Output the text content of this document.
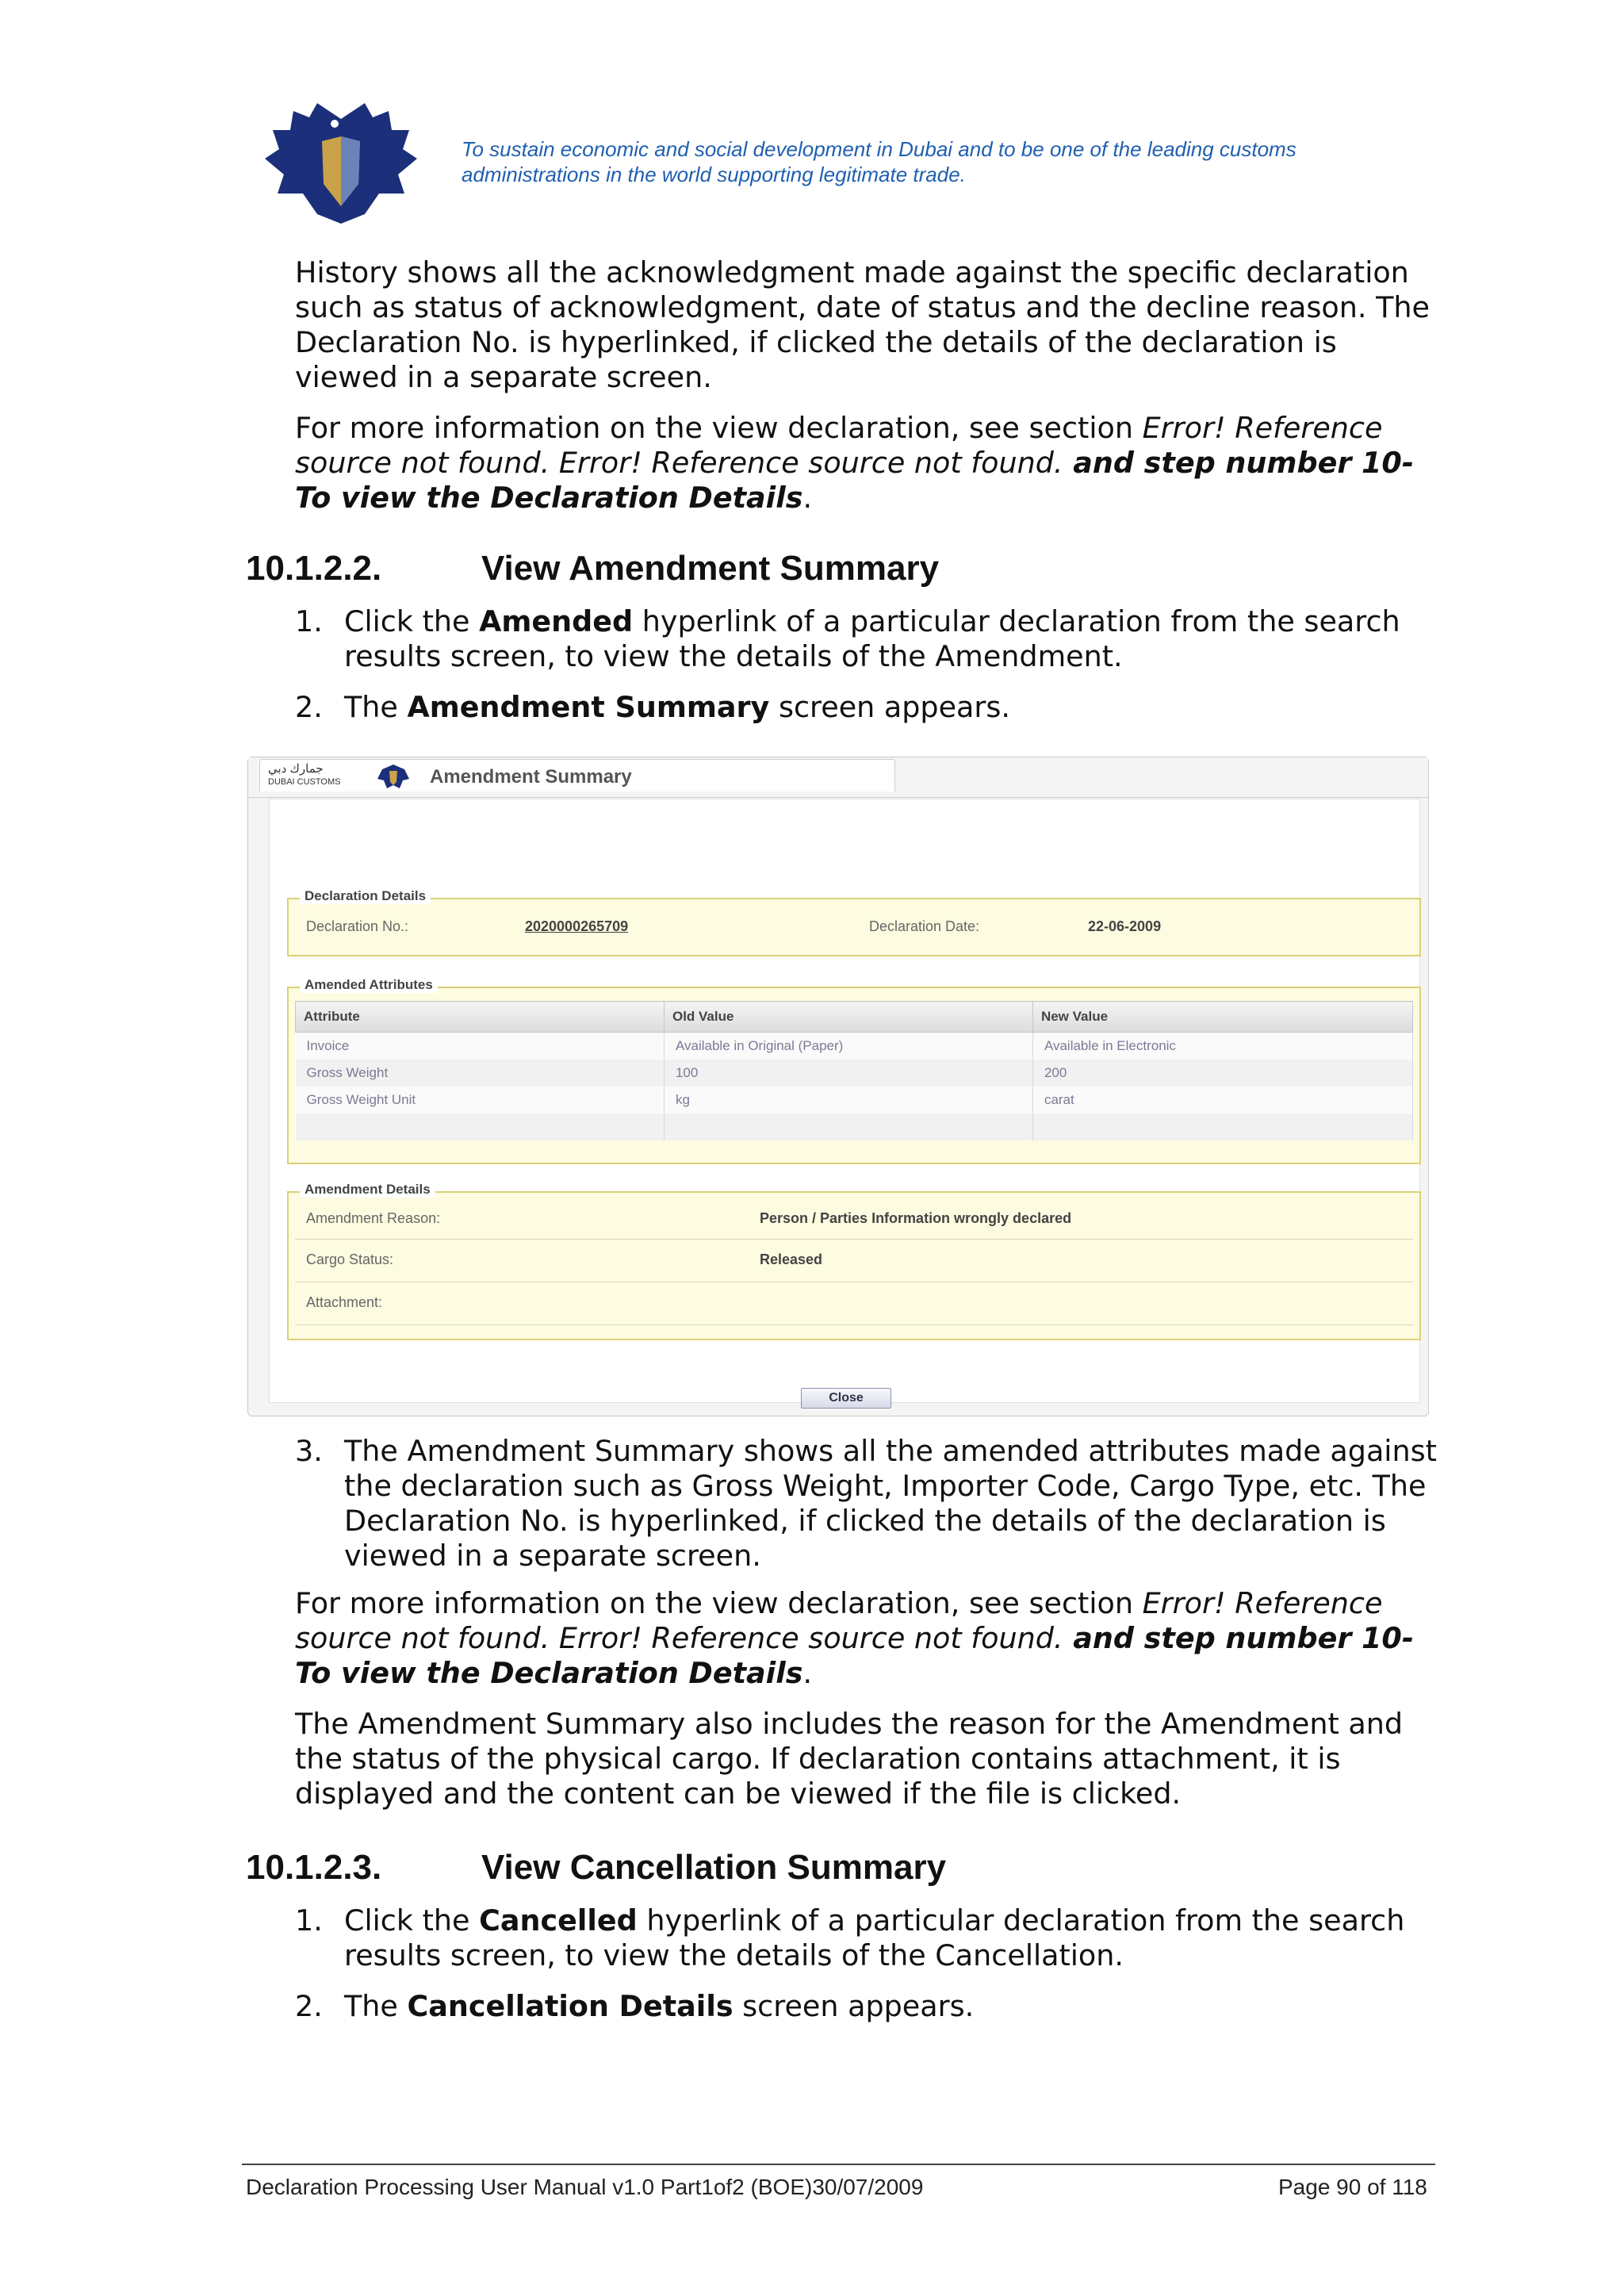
To sustain economic and social development in Dubai and to be one of the leading customs administrations in the world supporting legitimate trade.

History shows all the acknowledgment made against the specific declaration such as status of acknowledgment, date of status and the decline reason. The Declaration No. is hyperlinked, if clicked the details of the declaration is viewed in a separate screen.

For more information on the view declaration, see section Error! Reference source not found. Error! Reference source not found. and step number 10-To view the Declaration Details.

10.1.2.2.	View Amendment Summary

1. Click the Amended hyperlink of a particular declaration from the search results screen, to view the details of the Amendment.

2. The Amendment Summary screen appears.

جمارك دبي
DUBAI CUSTOMS	Amendment Summary
Declaration Details
Declaration No.:	2020000265709	Declaration Date:	22-06-2009
Amended Attributes
Attribute	Old Value	New Value
Invoice	Available in Original (Paper)	Available in Electronic
Gross Weight	100	200
Gross Weight Unit	kg	carat

Amendment Details
Amendment Reason:	Person / Parties Information wrongly declared
Cargo Status:	Released
Attachment:
Close

3. The Amendment Summary shows all the amended attributes made against the declaration such as Gross Weight, Importer Code, Cargo Type, etc. The Declaration No. is hyperlinked, if clicked the details of the declaration is viewed in a separate screen.

For more information on the view declaration, see section Error! Reference source not found. Error! Reference source not found. and step number 10-To view the Declaration Details.

The Amendment Summary also includes the reason for the Amendment and the status of the physical cargo. If declaration contains attachment, it is displayed and the content can be viewed if the file is clicked.

10.1.2.3.	View Cancellation Summary

1. Click the Cancelled hyperlink of a particular declaration from the search results screen, to view the details of the Cancellation.

2. The Cancellation Details screen appears.

Declaration Processing User Manual v1.0 Part1of2 (BOE)30/07/2009	Page 90 of 118
